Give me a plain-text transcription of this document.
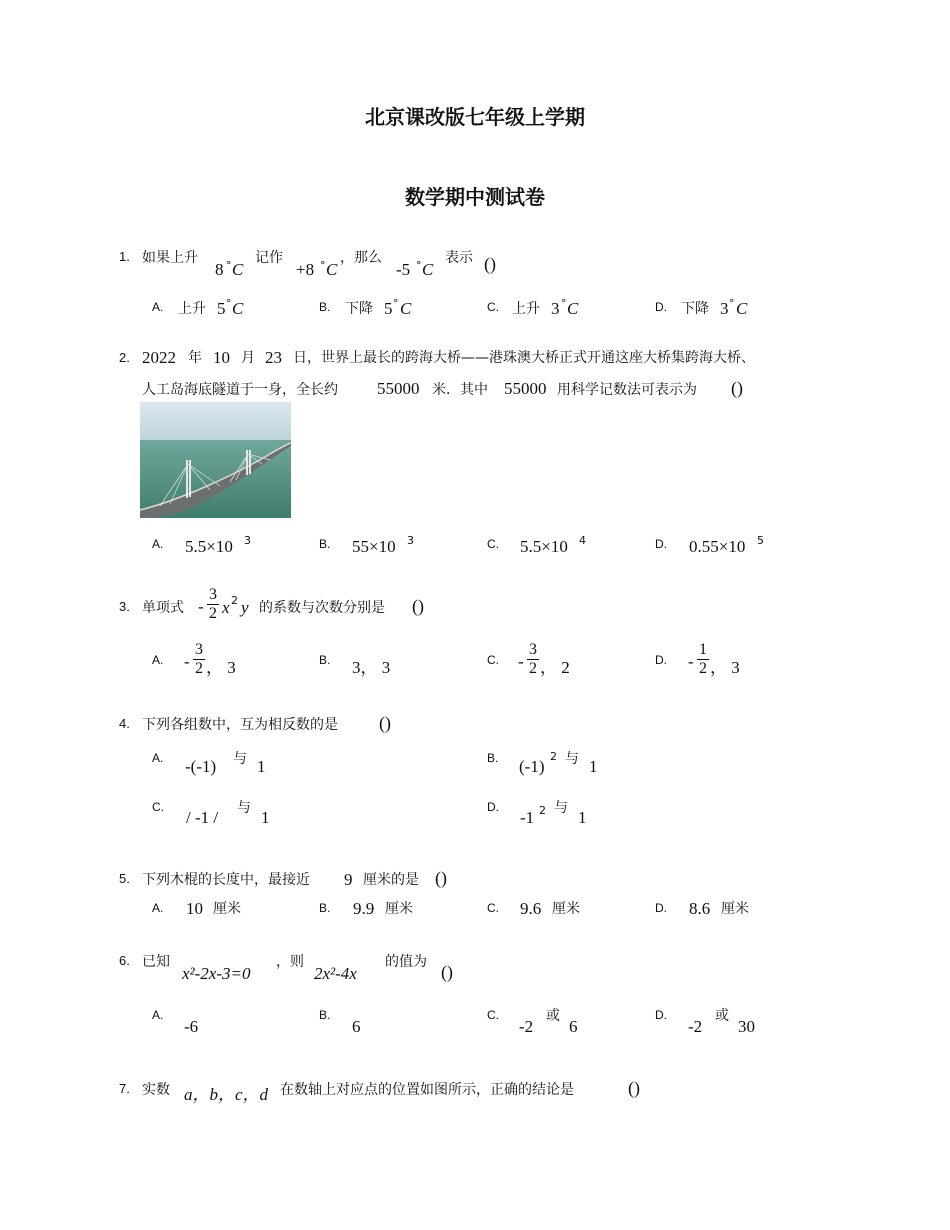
北京课改版七年级上学期
数学期中测试卷
1. 如果上升
8 ° C
记作
+8 ° C
，那么
-5 ° C
表示 ()
A. 上升 5 ° C	B. 下降 5 ° C	C. 上升 3 ° C	D. 下降 3 ° C
2. 2022 年 10 月 23 日，世界上最长的跨海大桥——港珠澳大桥正式开通这座大桥集跨海大桥、
人工岛海底隧道于一身，全长约 55000 米．其中 55000 用科学记数法可表示为 ()
A. 5.5×10 3	B. 55×10 3	C. 5.5×10 4	D. 0.55×10 5
3. 单项式 -
3
2 x 2 y 的系数与次数分别是 ()
A. -
3
2 ， 3	B. 3， 3	C. -
3
2 ， 2	D. -
1
2 ， 3
4. 下列各组数中，互为相反数的是 ()
A. -(-1) 与 1	B. (-1)
2 与 1
C.
/ -1 / 与 1
D.
-1 2 与 1
5. 下列木棍的长度中，最接近 9 厘米的是 ()
A. 10 厘米	B. 9.9 厘米	C. 9.6 厘米	D. 8.6 厘米
6. 已知
x²-2x-3=0
，则
2x²-4x
的值为 ()
A.
-6
B.
6
C.
-2
或
6
D.
-2
或
30
7. 实数 a，b，c，d 在数轴上对应点的位置如图所示，正确的结论是	()
